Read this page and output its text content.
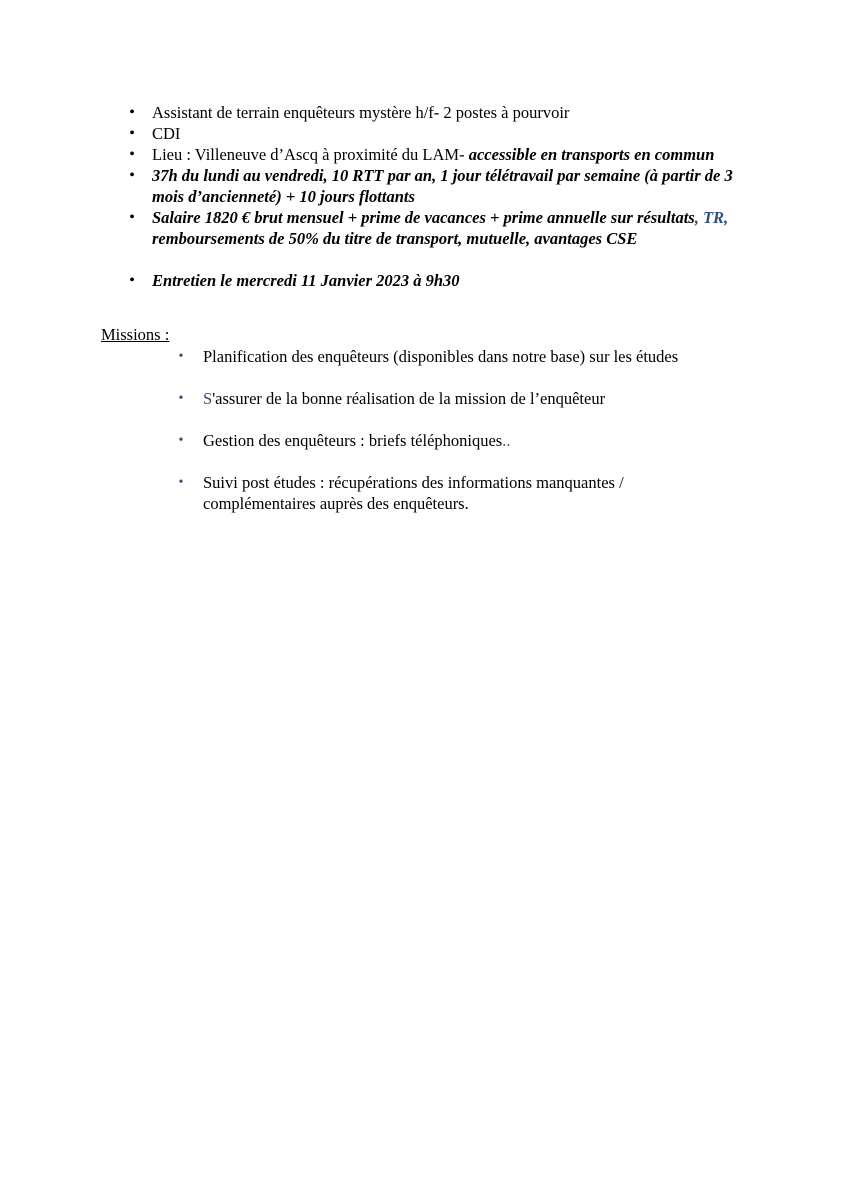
• Assistant de terrain enquêteurs mystère h/f- 2 postes à pourvoir
• CDI
• Lieu : Villeneuve d’Ascq à proximité du LAM- accessible en transports en commun
• 37h du lundi au vendredi, 10 RTT par an, 1 jour télétravail par semaine (à partir de 3 mois d’ancienneté) + 10 jours flottants
• Salaire 1820 € brut mensuel + prime de vacances + prime annuelle sur résultats, TR, remboursements de 50% du titre de transport, mutuelle, avantages CSE
• Entretien le mercredi 11 Janvier 2023 à 9h30
Missions :
• Planification des enquêteurs (disponibles dans notre base) sur les études
• S'assurer de la bonne réalisation de la mission de l’enquêteur
• Gestion des enquêteurs : briefs téléphoniques..
• Suivi post études : récupérations des informations manquantes / complémentaires auprès des enquêteurs.
